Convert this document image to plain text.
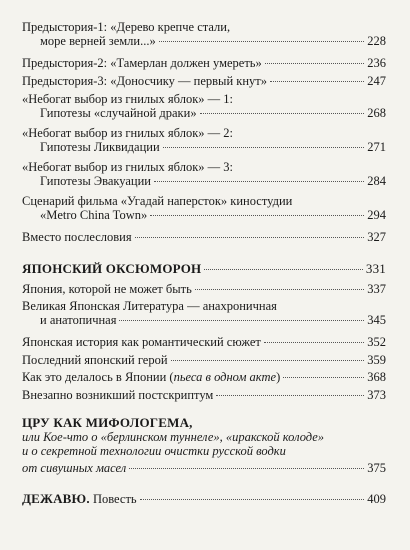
Предыстория-1: «Дерево крепче стали,
море верней земли...»	228
Предыстория-2: «Тамерлан должен умереть»	236
Предыстория-3: «Доносчику — первый кнут»	247
«Небогат выбор из гнилых яблок» — 1:
Гипотезы «случайной драки»	268
«Небогат выбор из гнилых яблок» — 2:
Гипотезы Ликвидации	271
«Небогат выбор из гнилых яблок» — 3:
Гипотезы Эвакуации	284
Сценарий фильма «Угадай наперсток» киностудии
«Metro China Town»	294
Вместо послесловия	327
ЯПОНСКИЙ ОКСЮМОРОН	331
Япония, которой не может быть	337
Великая Японская Литература — анахроничная
и анатопичная	345
Японская история как романтический сюжет	352
Последний японский герой	359
Как это делалось в Японии (пьеса в одном акте)	368
Внезапно возникший постскриптум	373
ЦРУ КАК МИФОЛОГЕМА,
или Кое-что о «берлинском туннеле», «иракской колоде»
и о секретной технологии очистки русской водки
от сивушных масел	375
ДЕЖАВЮ. Повесть	409
